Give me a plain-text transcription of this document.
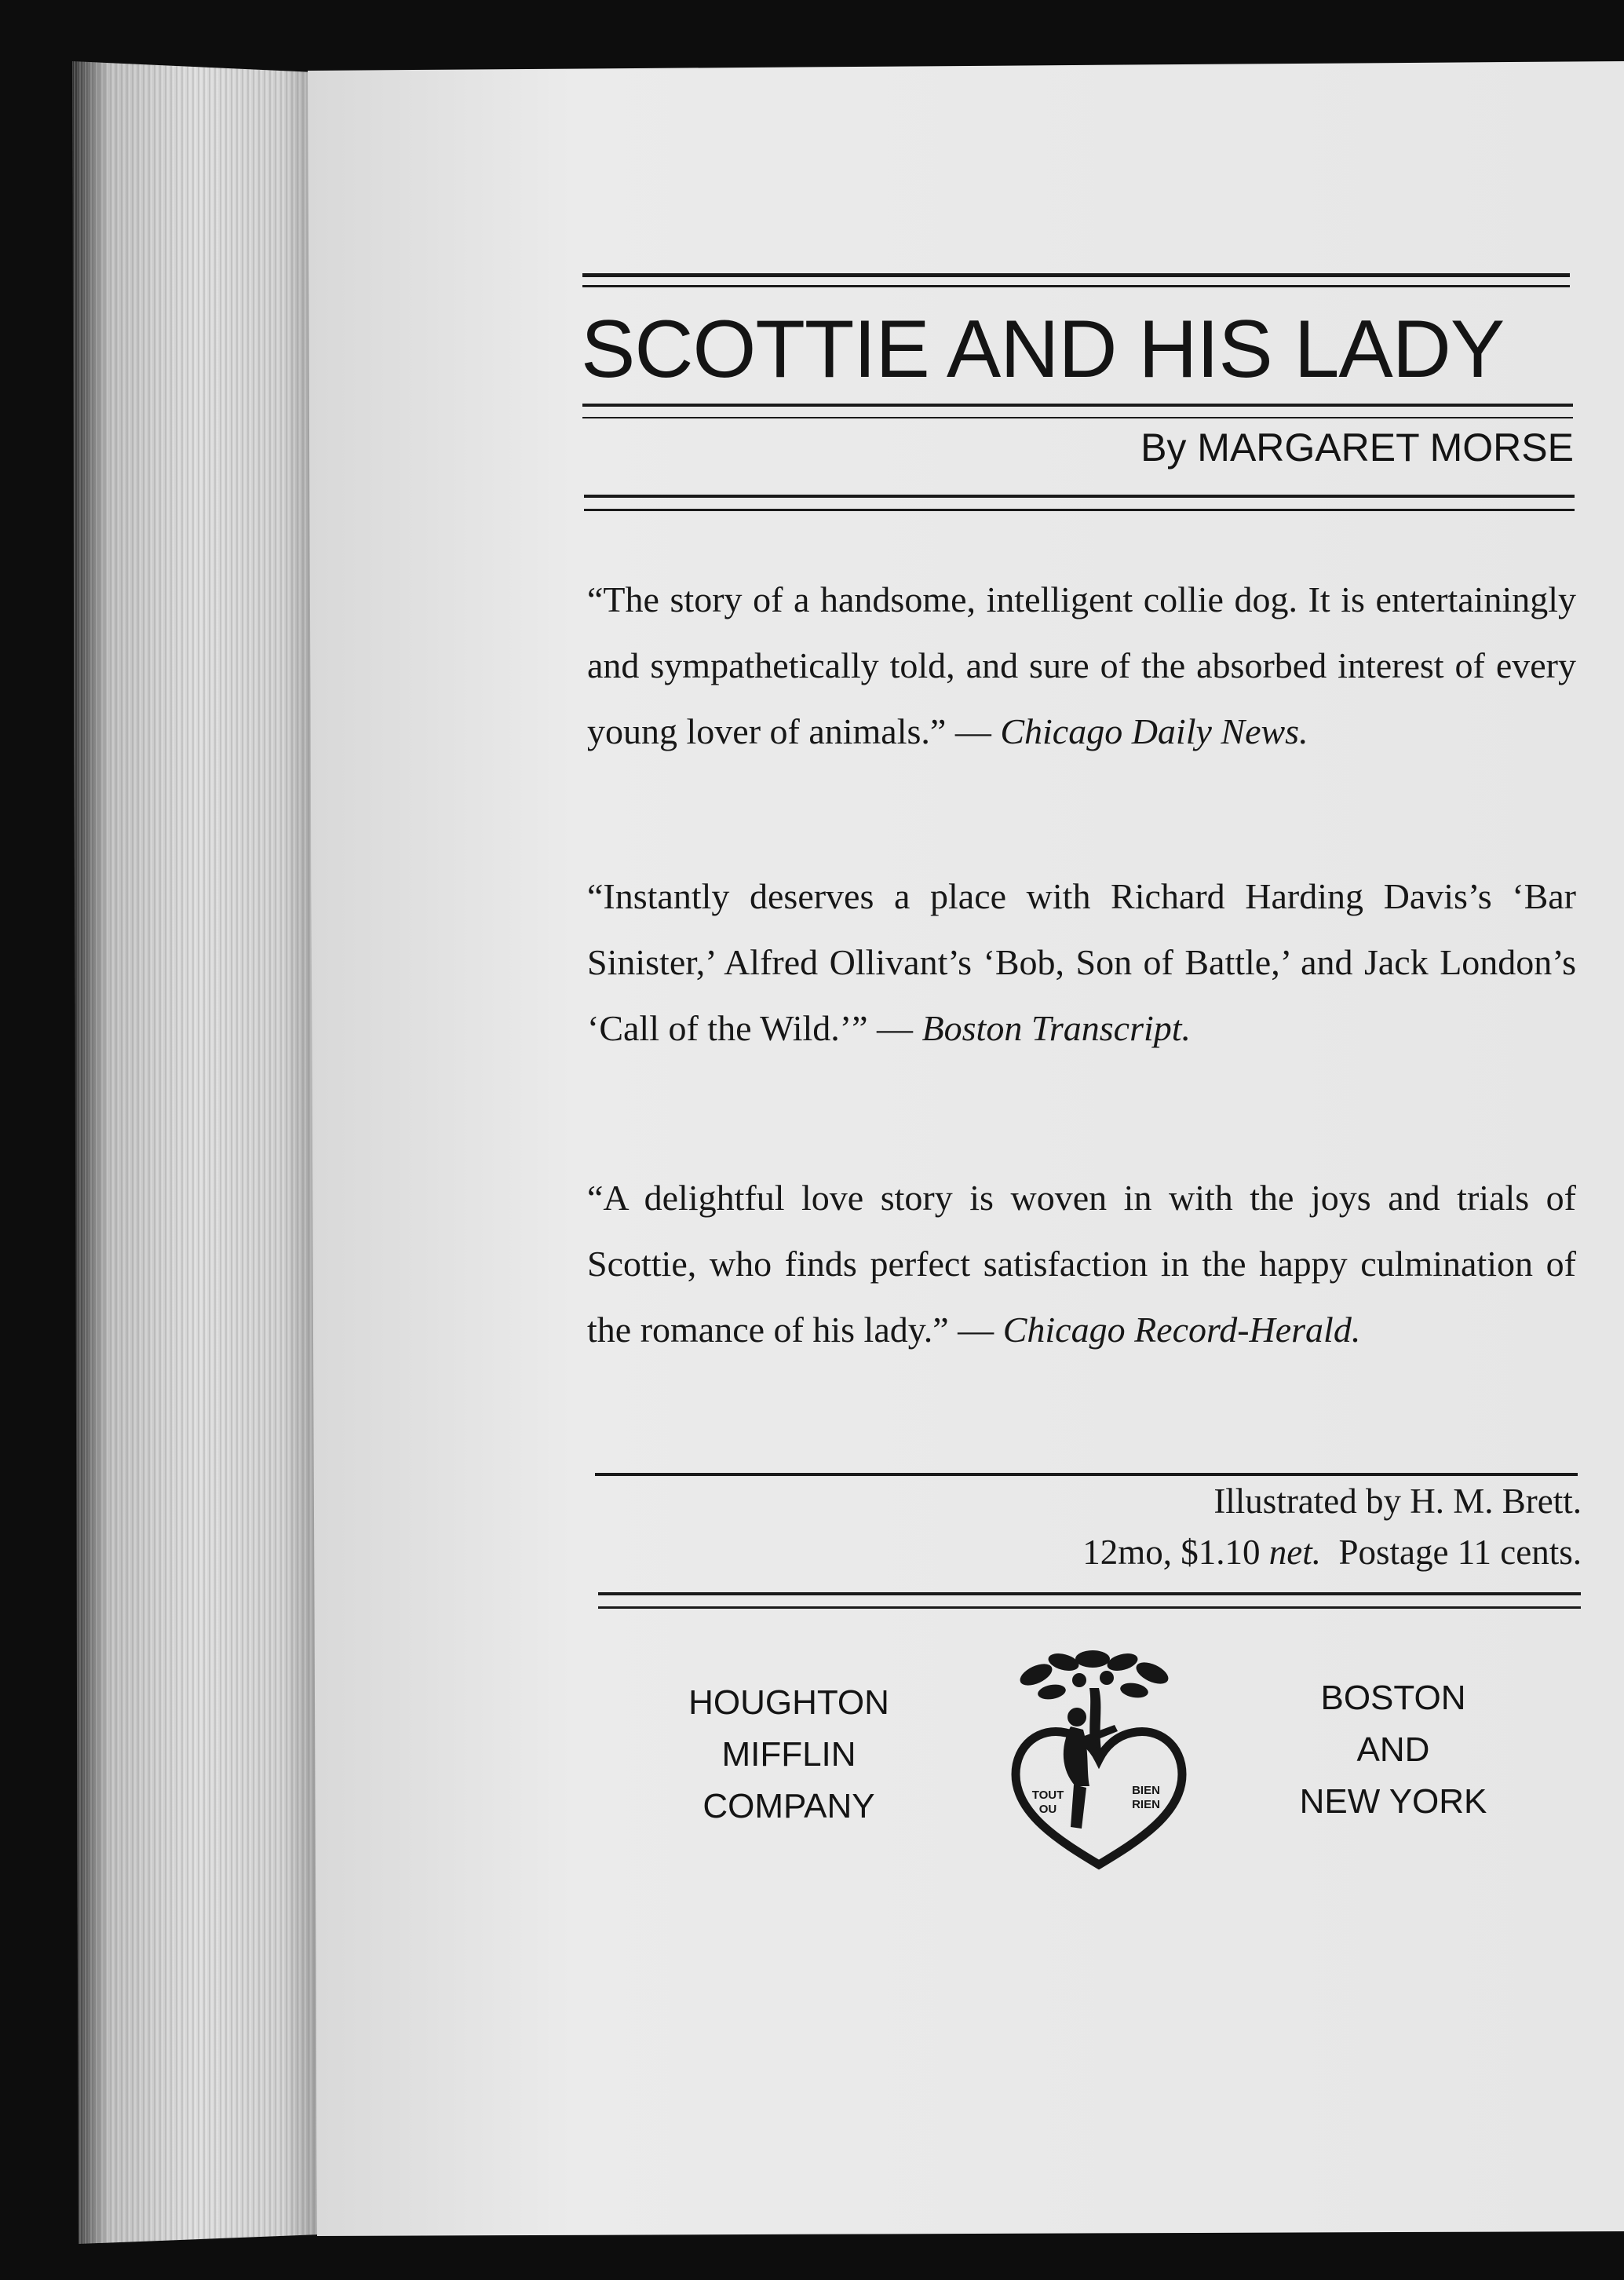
SCOTTIE AND HIS LADY
By MARGARET MORSE
“The story of a handsome, intelligent collie dog. It is entertainingly and sympathetically told, and sure of the absorbed interest of every young lover of animals.” — Chicago Daily News.
“Instantly deserves a place with Richard Harding Davis’s ‘Bar Sinister,’ Alfred Ollivant’s ‘Bob, Son of Battle,’ and Jack London’s ‘Call of the Wild.’” — Boston Transcript.
“A delightful love story is woven in with the joys and trials of Scottie, who finds perfect satisfaction in the happy culmination of the romance of his lady.” — Chicago Record-Herald.
Illustrated by H. M. Brett.
12mo, $1.10 net. Postage 11 cents.
HOUGHTON
MIFFLIN
COMPANY
BOSTON
AND
NEW YORK
TOUT
OU
BIEN
RIEN
